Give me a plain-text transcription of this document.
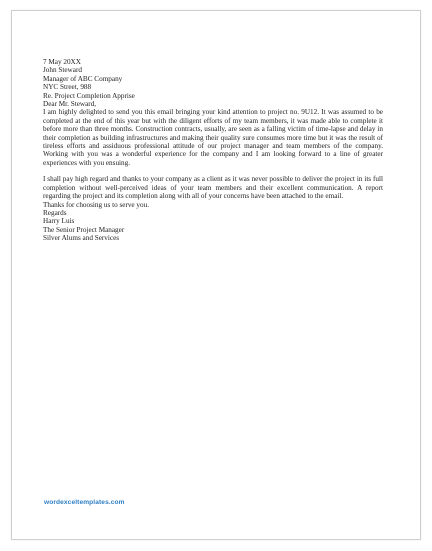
7 May 20XX

John Steward

Manager of ABC Company

NYC Street, 988

Re. Project Completion Apprise

Dear Mr. Steward,

I am highly delighted to send you this email bringing your kind attention to project no. 9U12. It was assumed to be completed at the end of this year but with the diligent efforts of my team members, it was made able to complete it before more than three months. Construction contracts, usually, are seen as a falling victim of time-lapse and delay in their completion as building infrastructures and making their quality sure consumes more time but it was the result of tireless efforts and assiduous professional attitude of our project manager and team members of the company. Working with you was a wonderful experience for the company and I am looking forward to a line of greater experiences with you ensuing.

I shall pay high regard and thanks to your company as a client as it was never possible to deliver the project in its full completion without well-perceived ideas of your team members and their excellent communication. A report regarding the project and its completion along with all of your concerns have been attached to the email.

Thanks for choosing us to serve you.

Regards

Harry Luis

The Senior Project Manager

Silver Alums and Services

wordexceltemplates.com
